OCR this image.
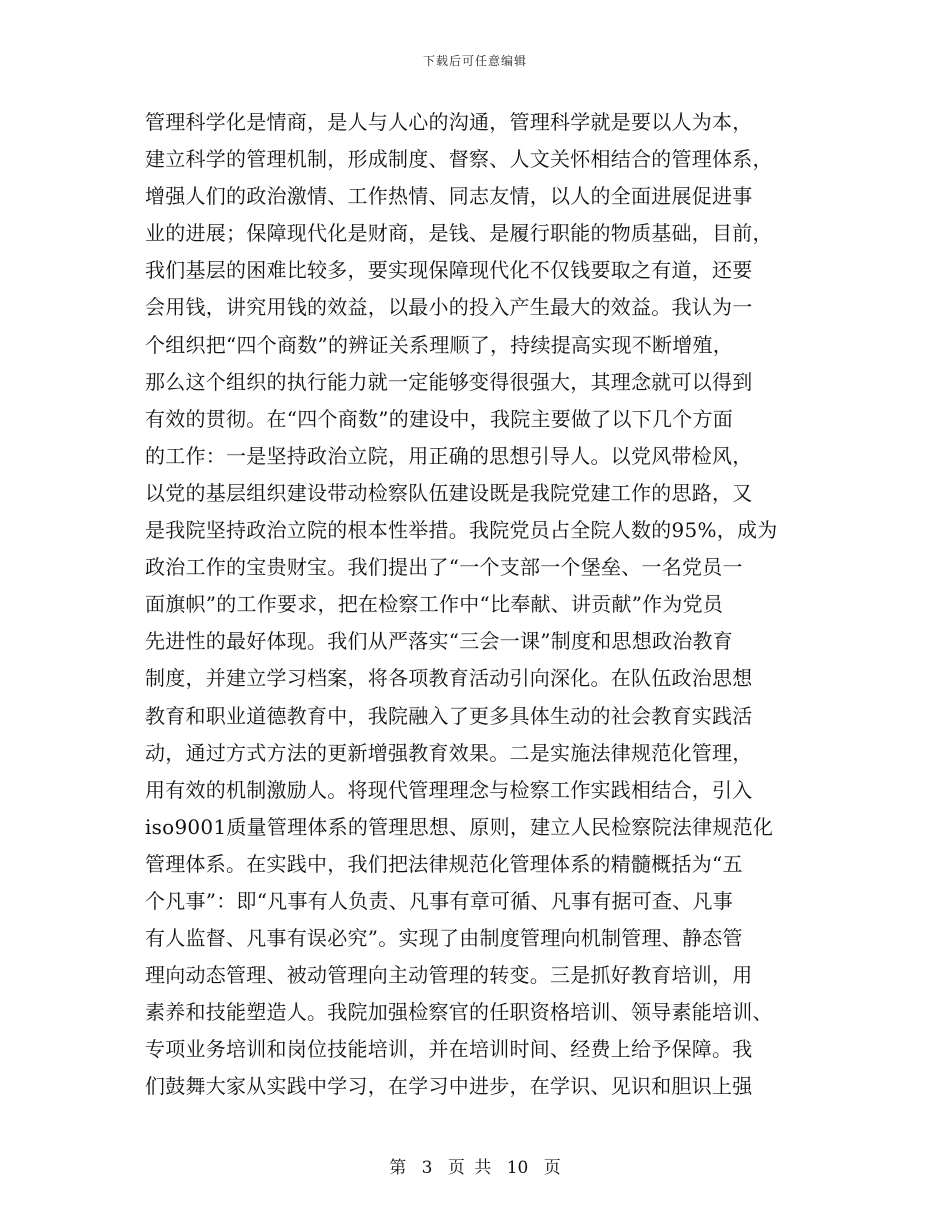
下载后可任意编辑
管理科学化是情商，是人与人心的沟通，管理科学就是要以人为本，
建立科学的管理机制，形成制度、督察、人文关怀相结合的管理体系，
增强人们的政治激情、工作热情、同志友情，以人的全面进展促进事
业的进展；保障现代化是财商，是钱、是履行职能的物质基础，目前，
我们基层的困难比较多，要实现保障现代化不仅钱要取之有道，还要
会用钱，讲究用钱的效益，以最小的投入产生最大的效益。我认为一
个组织把“四个商数”的辨证关系理顺了，持续提高实现不断增殖，
那么这个组织的执行能力就一定能够变得很强大，其理念就可以得到
有效的贯彻。在“四个商数”的建设中，我院主要做了以下几个方面
的工作：一是坚持政治立院，用正确的思想引导人。以党风带检风，
以党的基层组织建设带动检察队伍建设既是我院党建工作的思路，又
是我院坚持政治立院的根本性举措。我院党员占全院人数的95%，成为
政治工作的宝贵财宝。我们提出了“一个支部一个堡垒、一名党员一
面旗帜”的工作要求，把在检察工作中“比奉献、讲贡献”作为党员
先进性的最好体现。我们从严落实“三会一课”制度和思想政治教育
制度，并建立学习档案，将各项教育活动引向深化。在队伍政治思想
教育和职业道德教育中，我院融入了更多具体生动的社会教育实践活
动，通过方式方法的更新增强教育效果。二是实施法律规范化管理，
用有效的机制激励人。将现代管理理念与检察工作实践相结合，引入
iso9001质量管理体系的管理思想、原则，建立人民检察院法律规范化
管理体系。在实践中，我们把法律规范化管理体系的精髓概括为“五
个凡事”：即“凡事有人负责、凡事有章可循、凡事有据可查、凡事
有人监督、凡事有误必究”。实现了由制度管理向机制管理、静态管
理向动态管理、被动管理向主动管理的转变。三是抓好教育培训，用
素养和技能塑造人。我院加强检察官的任职资格培训、领导素能培训、
专项业务培训和岗位技能培训，并在培训时间、经费上给予保障。我
们鼓舞大家从实践中学习，在学习中进步，在学识、见识和胆识上强
第 3 页 共 10 页
